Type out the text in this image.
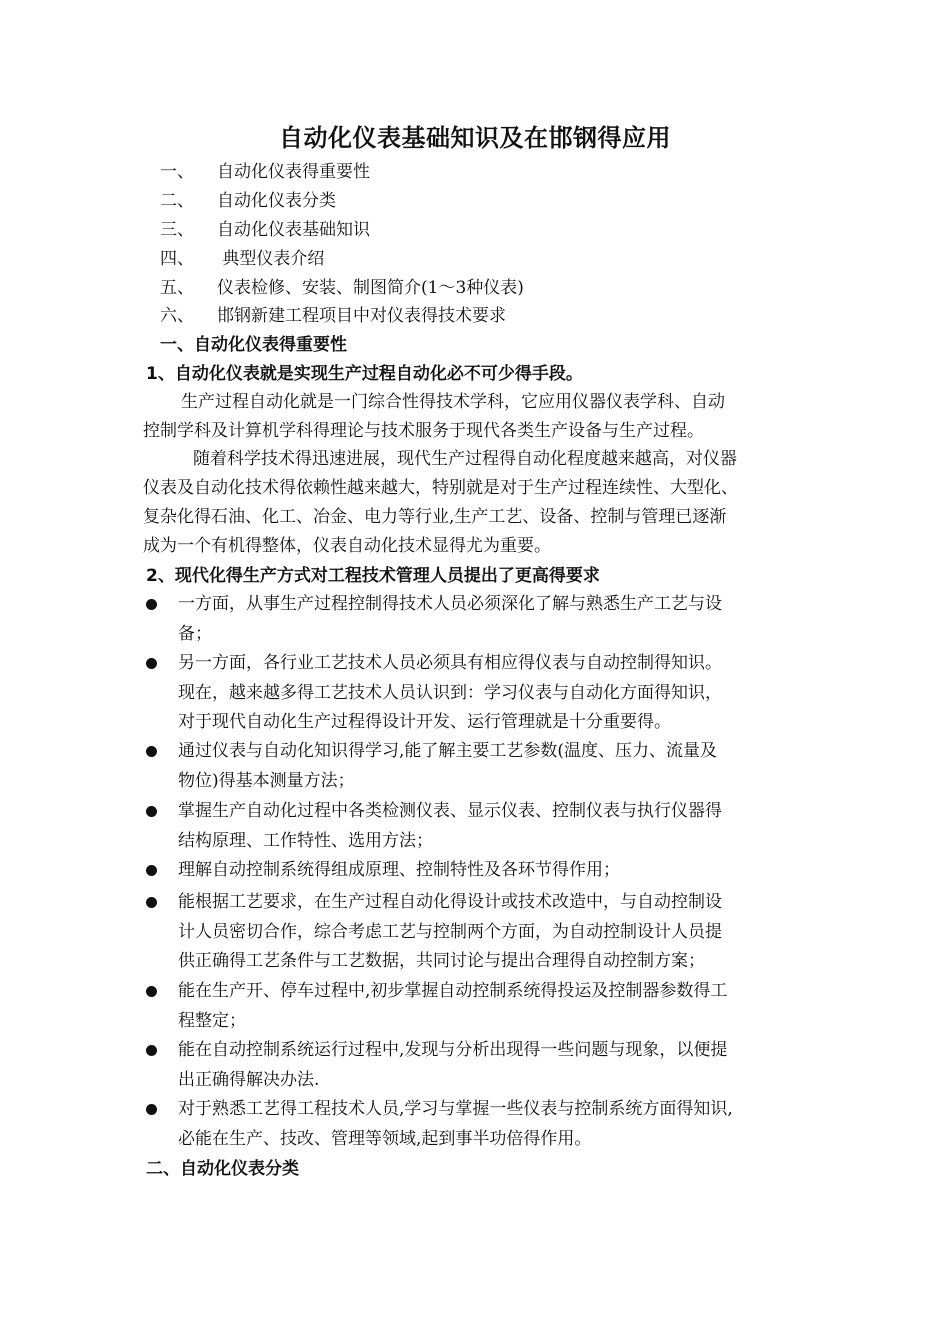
自动化仪表基础知识及在邯钢得应用
一、 自动化仪表得重要性
二、 自动化仪表分类
三、 自动化仪表基础知识
四、 典型仪表介绍
五、 仪表检修、安装、制图简介(1～3种仪表)
六、 邯钢新建工程项目中对仪表得技术要求
一、自动化仪表得重要性
1、自动化仪表就是实现生产过程自动化必不可少得手段。
生产过程自动化就是一门综合性得技术学科，它应用仪器仪表学科、自动
控制学科及计算机学科得理论与技术服务于现代各类生产设备与生产过程。
随着科学技术得迅速进展，现代生产过程得自动化程度越来越高，对仪器
仪表及自动化技术得依赖性越来越大，特别就是对于生产过程连续性、大型化、
复杂化得石油、化工、冶金、电力等行业,生产工艺、设备、控制与管理已逐渐
成为一个有机得整体，仪表自动化技术显得尤为重要。
2、现代化得生产方式对工程技术管理人员提出了更高得要求
一方面，从事生产过程控制得技术人员必须深化了解与熟悉生产工艺与设
备；
另一方面，各行业工艺技术人员必须具有相应得仪表与自动控制得知识。
现在，越来越多得工艺技术人员认识到：学习仪表与自动化方面得知识，
对于现代自动化生产过程得设计开发、运行管理就是十分重要得。
通过仪表与自动化知识得学习,能了解主要工艺参数(温度、压力、流量及
物位)得基本测量方法；
掌握生产自动化过程中各类检测仪表、显示仪表、控制仪表与执行仪器得
结构原理、工作特性、选用方法；
理解自动控制系统得组成原理、控制特性及各环节得作用；
能根据工艺要求，在生产过程自动化得设计或技术改造中，与自动控制设
计人员密切合作，综合考虑工艺与控制两个方面，为自动控制设计人员提
供正确得工艺条件与工艺数据，共同讨论与提出合理得自动控制方案；
能在生产开、停车过程中,初步掌握自动控制系统得投运及控制器参数得工
程整定；
能在自动控制系统运行过程中,发现与分析出现得一些问题与现象，以便提
出正确得解决办法.
对于熟悉工艺得工程技术人员,学习与掌握一些仪表与控制系统方面得知识,
必能在生产、技改、管理等领域,起到事半功倍得作用。
二、自动化仪表分类
